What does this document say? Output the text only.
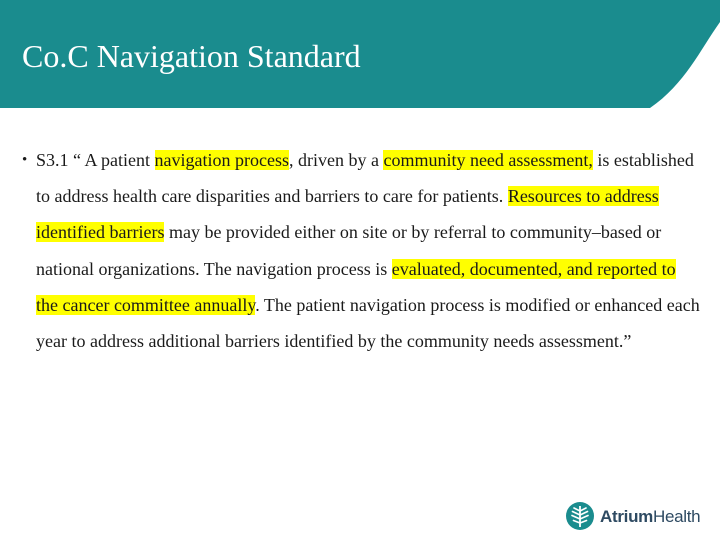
Co.C Navigation Standard
• S3.1 “ A patient navigation process, driven by a community need assessment, is established to address health care disparities and barriers to care for patients. Resources to address identified barriers may be provided either on site or by referral to community–based or national organizations. The navigation process is evaluated, documented, and reported to the cancer committee annually. The patient navigation process is modified or enhanced each year to address additional barriers identified by the community needs assessment.”

AtriumHealth
